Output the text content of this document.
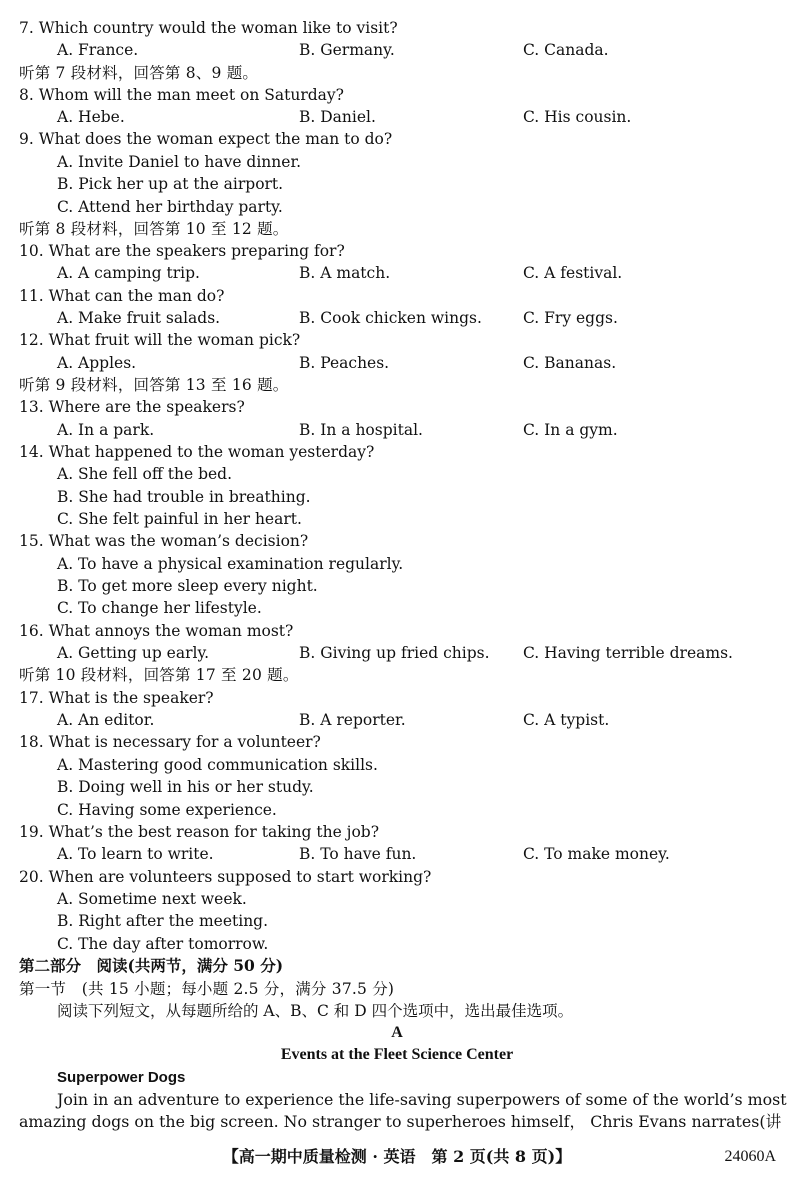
7. Which country would the woman like to visit?
A. France.	B. Germany.	C. Canada.
听第 7 段材料，回答第 8、9 题。
8. Whom will the man meet on Saturday?
A. Hebe.	B. Daniel.	C. His cousin.
9. What does the woman expect the man to do?
A. Invite Daniel to have dinner.
B. Pick her up at the airport.
C. Attend her birthday party.
听第 8 段材料，回答第 10 至 12 题。
10. What are the speakers preparing for?
A. A camping trip.	B. A match.	C. A festival.
11. What can the man do?
A. Make fruit salads.	B. Cook chicken wings.	C. Fry eggs.
12. What fruit will the woman pick?
A. Apples.	B. Peaches.	C. Bananas.
听第 9 段材料，回答第 13 至 16 题。
13. Where are the speakers?
A. In a park.	B. In a hospital.	C. In a gym.
14. What happened to the woman yesterday?
A. She fell off the bed.
B. She had trouble in breathing.
C. She felt painful in her heart.
15. What was the woman’s decision?
A. To have a physical examination regularly.
B. To get more sleep every night.
C. To change her lifestyle.
16. What annoys the woman most?
A. Getting up early.	B. Giving up fried chips. C. Having terrible dreams.
听第 10 段材料，回答第 17 至 20 题。
17. What is the speaker?
A. An editor.	B. A reporter.	C. A typist.
18. What is necessary for a volunteer?
A. Mastering good communication skills.
B. Doing well in his or her study.
C. Having some experience.
19. What’s the best reason for taking the job?
A. To learn to write.	B. To have fun.	C. To make money.
20. When are volunteers supposed to start working?
A. Sometime next week.
B. Right after the meeting.
C. The day after tomorrow.
第二部分　阅读(共两节，满分 50 分)
第一节　(共 15 小题；每小题 2.5 分，满分 37.5 分)
阅读下列短文，从每题所给的 A、B、C 和 D 四个选项中，选出最佳选项。
A
Events at the Fleet Science Center
Superpower Dogs
Join in an adventure to experience the life-saving superpowers of some of the world’s most
amazing dogs on the big screen. No stranger to superheroes himself， Chris Evans narrates(讲
【高一期中质量检测 · 英语　第 2 页(共 8 页)】	24060A
